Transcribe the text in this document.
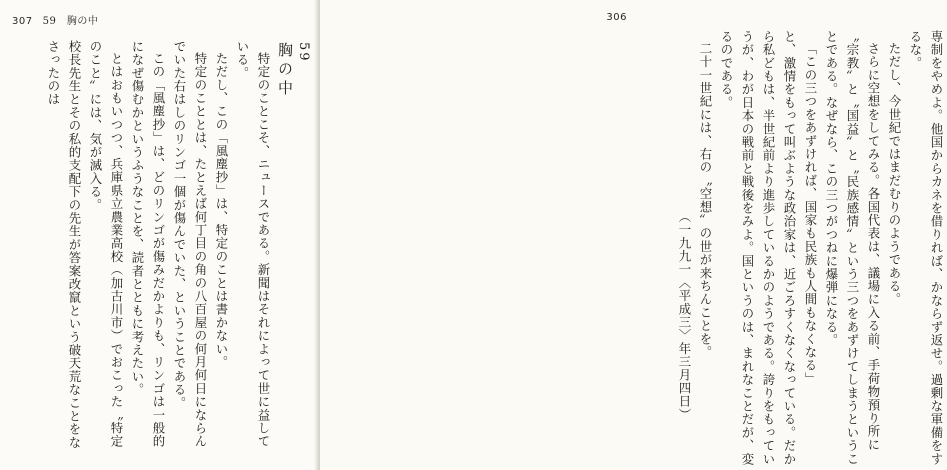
307 59　胸の中
59
胸の中

特定のことこそ、ニュースである。新聞はそれによって世に益している。

ただし、この「風塵抄」は、特定のことは書かない。

特定のこととは、たとえば何丁目の角の八百屋の何月何日にならんでいた右はしのリンゴ一個が傷んでいた、ということである。

この「風塵抄」は、どのリンゴが傷みだかよりも、リンゴは一般的になぜ傷むかというふうなことを、読者とともに考えたい。

とはおもいつつ、兵庫県立農業高校（加古川市）でおこった〝特定のこと〟には、気が滅入る。

校長先生とその私的支配下の先生が答案改竄という破天荒なことをなさったのは

306

専制をやめよ。他国からカネを借りれば、かならず返せ。過剰な軍備をするな。

ただし、今世紀ではまだむりのようである。

さらに空想をしてみる。各国代表は、議場に入る前、手荷物預り所に〝宗教〟と〝国益〟と〝民族感情〟という三つをあずけてしまうということである。なぜなら、この三つがつねに爆弾になる。

「この三つをあずければ、国家も民族も人間もなくなる」

と、激情をもって叫ぶような政治家は、近ごろすくなくなっている。だから私どもは、半世紀前より進歩しているかのようである。誇りをもっていうが、わが日本の戦前と戦後をみよ。国というのは、まれなことだが、変るのである。

二十一世紀には、右の〝空想〟の世が来ちんことを。

（一九九一〈平成三〉年三月四日）
